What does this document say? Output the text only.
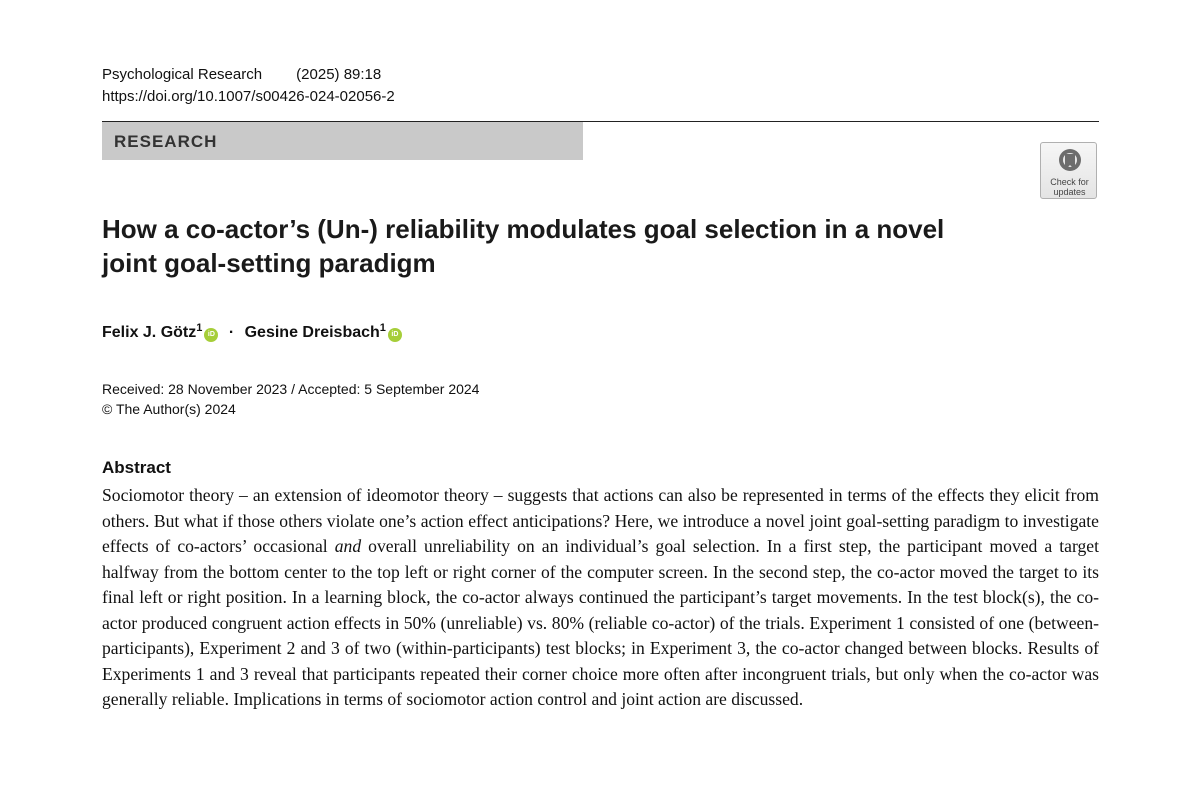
Psychological Research (2025) 89:18
https://doi.org/10.1007/s00426-024-02056-2
RESEARCH
Check for
updates
How a co-actor’s (Un-) reliability modulates goal selection in a novel joint goal-setting paradigm
Felix J. Götz$^1$iD · Gesine Dreisbach$^1$iD
Received: 28 November 2023 / Accepted: 5 September 2024
© The Author(s) 2024
Abstract

Sociomotor theory – an extension of ideomotor theory – suggests that actions can also be represented in terms of the effects they elicit from others. But what if those others violate one’s action effect anticipations? Here, we introduce a novel joint goal-setting paradigm to investigate effects of co-actors’ occasional and overall unreliability on an individual’s goal selection. In a first step, the participant moved a target halfway from the bottom center to the top left or right corner of the computer screen. In the second step, the co-actor moved the target to its final left or right position. In a learning block, the co-actor always continued the participant’s target movements. In the test block(s), the co-actor produced congruent action effects in 50% (unreliable) vs. 80% (reliable co-actor) of the trials. Experiment 1 consisted of one (between-participants), Experiment 2 and 3 of two (within-participants) test blocks; in Experiment 3, the co-actor changed between blocks. Results of Experiments 1 and 3 reveal that participants repeated their corner choice more often after incongruent trials, but only when the co-actor was generally reliable. Implications in terms of sociomotor action control and joint action are discussed.
